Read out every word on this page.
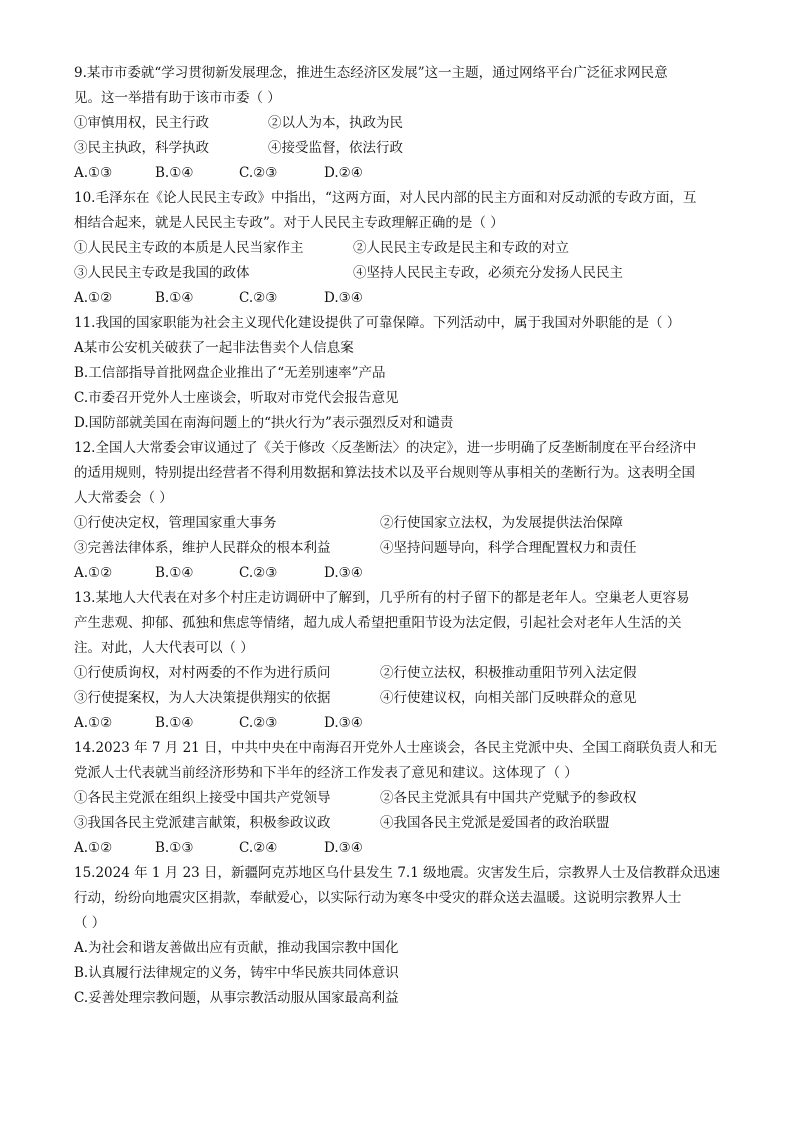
9.某市市委就“学习贯彻新发展理念，推进生态经济区发展”这一主题，通过网络平台广泛征求网民意
见。这一举措有助于该市市委（ ）
①审慎用权，民主行政	②以人为本，执政为民
③民主执政，科学执政	④接受监督，依法行政
A.①③	B.①④	C.②③	D.②④
10.毛泽东在《论人民民主专政》中指出，“这两方面，对人民内部的民主方面和对反动派的专政方面，互
相结合起来，就是人民民主专政”。对于人民民主专政理解正确的是（ ）
①人民民主专政的本质是人民当家作主	②人民民主专政是民主和专政的对立
③人民民主专政是我国的政体	④坚持人民民主专政，必须充分发扬人民民主
A.①②	B.①④	C.②③	D.③④
11.我国的国家职能为社会主义现代化建设提供了可靠保障。下列活动中，属于我国对外职能的是（ ）
A某市公安机关破获了一起非法售卖个人信息案
B.工信部指导首批网盘企业推出了“无差别速率”产品
C.市委召开党外人士座谈会，听取对市党代会报告意见
D.国防部就美国在南海问题上的“拱火行为”表示强烈反对和谴责
12.全国人大常委会审议通过了《关于修改〈反垄断法〉的决定》，进一步明确了反垄断制度在平台经济中
的适用规则，特别提出经营者不得利用数据和算法技术以及平台规则等从事相关的垄断行为。这表明全国
人大常委会（ ）
①行使决定权，管理国家重大事务	②行使国家立法权，为发展提供法治保障
③完善法律体系，维护人民群众的根本利益	④坚持问题导向，科学合理配置权力和责任
A.①②	B.①④	C.②③	D.③④
13.某地人大代表在对多个村庄走访调研中了解到，几乎所有的村子留下的都是老年人。空巢老人更容易
产生悲观、抑郁、孤独和焦虑等情绪，超九成人希望把重阳节设为法定假，引起社会对老年人生活的关
注。对此，人大代表可以（ ）
①行使质询权，对村两委的不作为进行质问	②行使立法权，积极推动重阳节列入法定假
③行使提案权，为人大决策提供翔实的依据	④行使建议权，向相关部门反映群众的意见
A.①②	B.①④	C.②③	D.③④
14.2023 年 7 月 21 日，中共中央在中南海召开党外人士座谈会，各民主党派中央、全国工商联负责人和无
党派人士代表就当前经济形势和下半年的经济工作发表了意见和建议。这体现了（ ）
①各民主党派在组织上接受中国共产党领导	②各民主党派具有中国共产党赋予的参政权
③我国各民主党派建言献策，积极参政议政	④我国各民主党派是爱国者的政治联盟
A.①②	B.①③	C.②④	D.③④
15.2024 年 1 月 23 日，新疆阿克苏地区乌什县发生 7.1 级地震。灾害发生后，宗教界人士及信教群众迅速
行动，纷纷向地震灾区捐款，奉献爱心，以实际行动为寒冬中受灾的群众送去温暖。这说明宗教界人士
（ ）
A.为社会和谐友善做出应有贡献，推动我国宗教中国化
B.认真履行法律规定的义务，铸牢中华民族共同体意识
C.妥善处理宗教问题，从事宗教活动服从国家最高利益
